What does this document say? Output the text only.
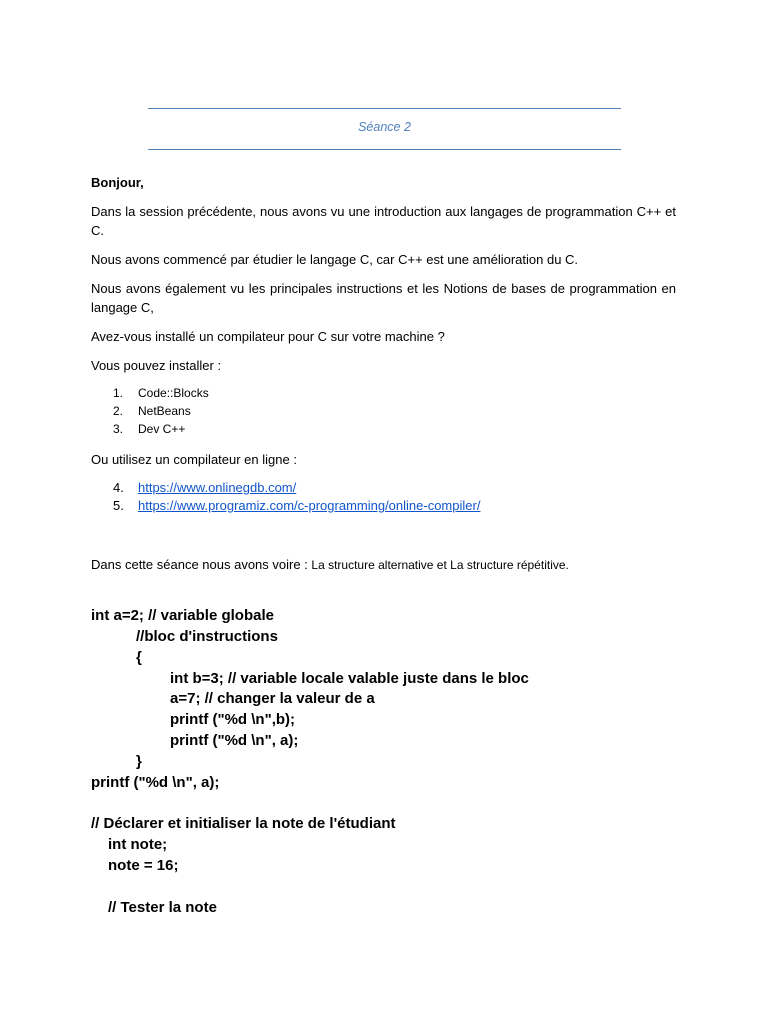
Séance 2
Bonjour,
Dans la session précédente, nous avons vu une introduction aux langages de programmation C++ et C.
Nous avons commencé par étudier le langage C, car C++ est une amélioration du C.
Nous avons également vu les principales instructions et les Notions de bases de programmation en langage C,
Avez-vous installé un compilateur pour C sur votre machine ?
Vous pouvez installer :
1.	Code::Blocks
2.	NetBeans
3.	Dev C++
Ou utilisez un compilateur en ligne :
4.	https://www.onlinegdb.com/
5.	https://www.programiz.com/c-programming/online-compiler/
Dans cette séance nous avons voire : La structure alternative et La structure répétitive.
int a=2; // variable globale
//bloc d'instructions
{
int b=3; // variable locale valable juste dans le bloc
a=7; // changer la valeur de a
printf ("%d \n",b);
printf ("%d \n", a);
}
printf ("%d \n", a);
// Déclarer et initialiser la note de l'étudiant
int note;
note = 16;
// Tester la note
